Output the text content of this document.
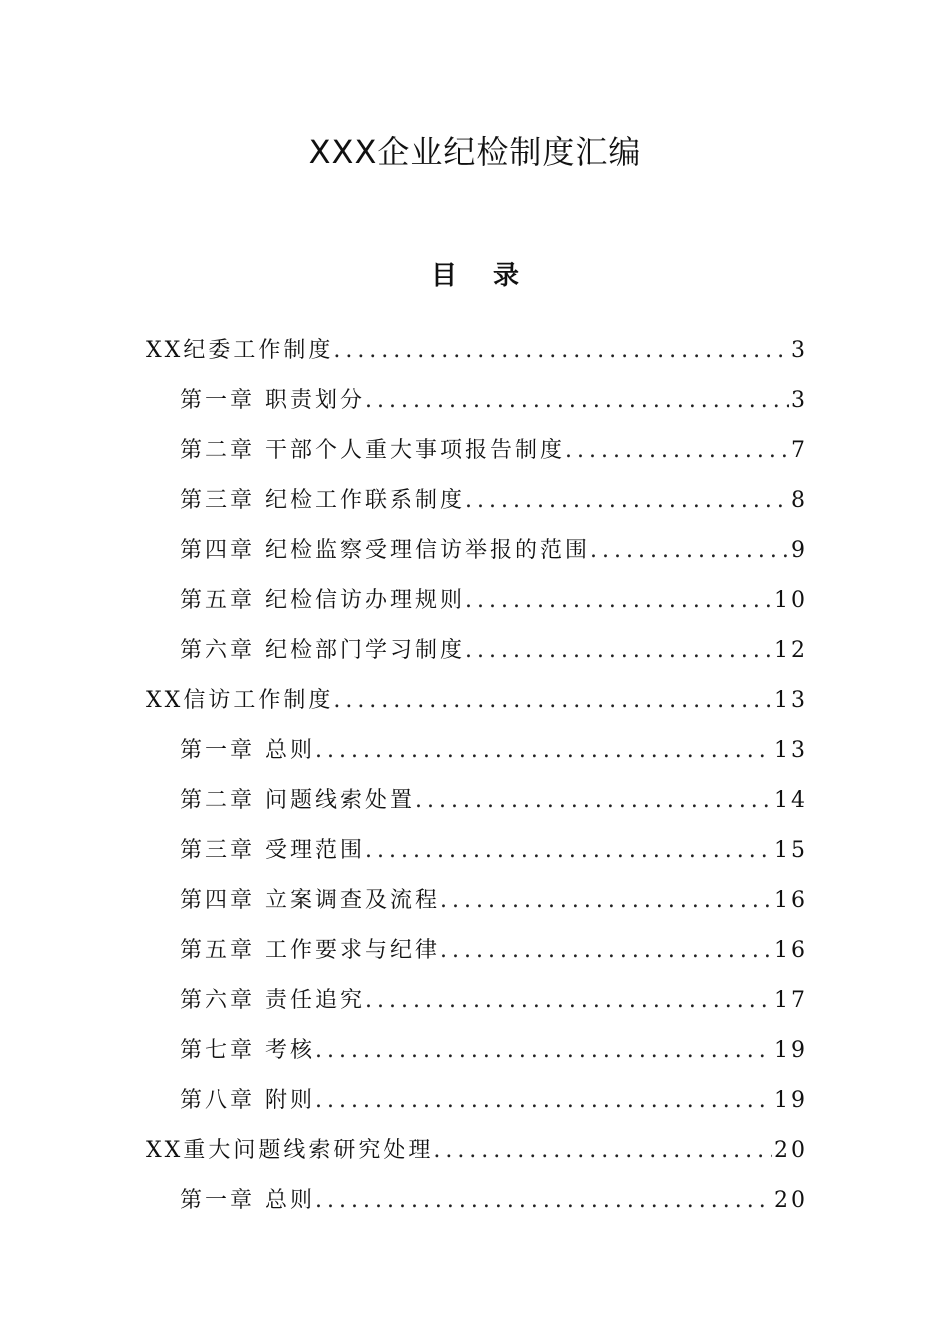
XXX企业纪检制度汇编
目录
XX纪委工作制度 .....	3
第一章 职责划分 .....	3
第二章 干部个人重大事项报告制度 .....	7
第三章 纪检工作联系制度 .....	8
第四章 纪检监察受理信访举报的范围 .....	9
第五章 纪检信访办理规则 .....	10
第六章 纪检部门学习制度 .....	12
XX信访工作制度 .....	13
第一章 总则 .....	13
第二章 问题线索处置 .....	14
第三章 受理范围 .....	15
第四章 立案调查及流程 .....	16
第五章 工作要求与纪律 .....	16
第六章 责任追究 .....	17
第七章 考核 .....	19
第八章 附则 .....	19
XX重大问题线索研究处理 .....	20
第一章 总则 .....	20
